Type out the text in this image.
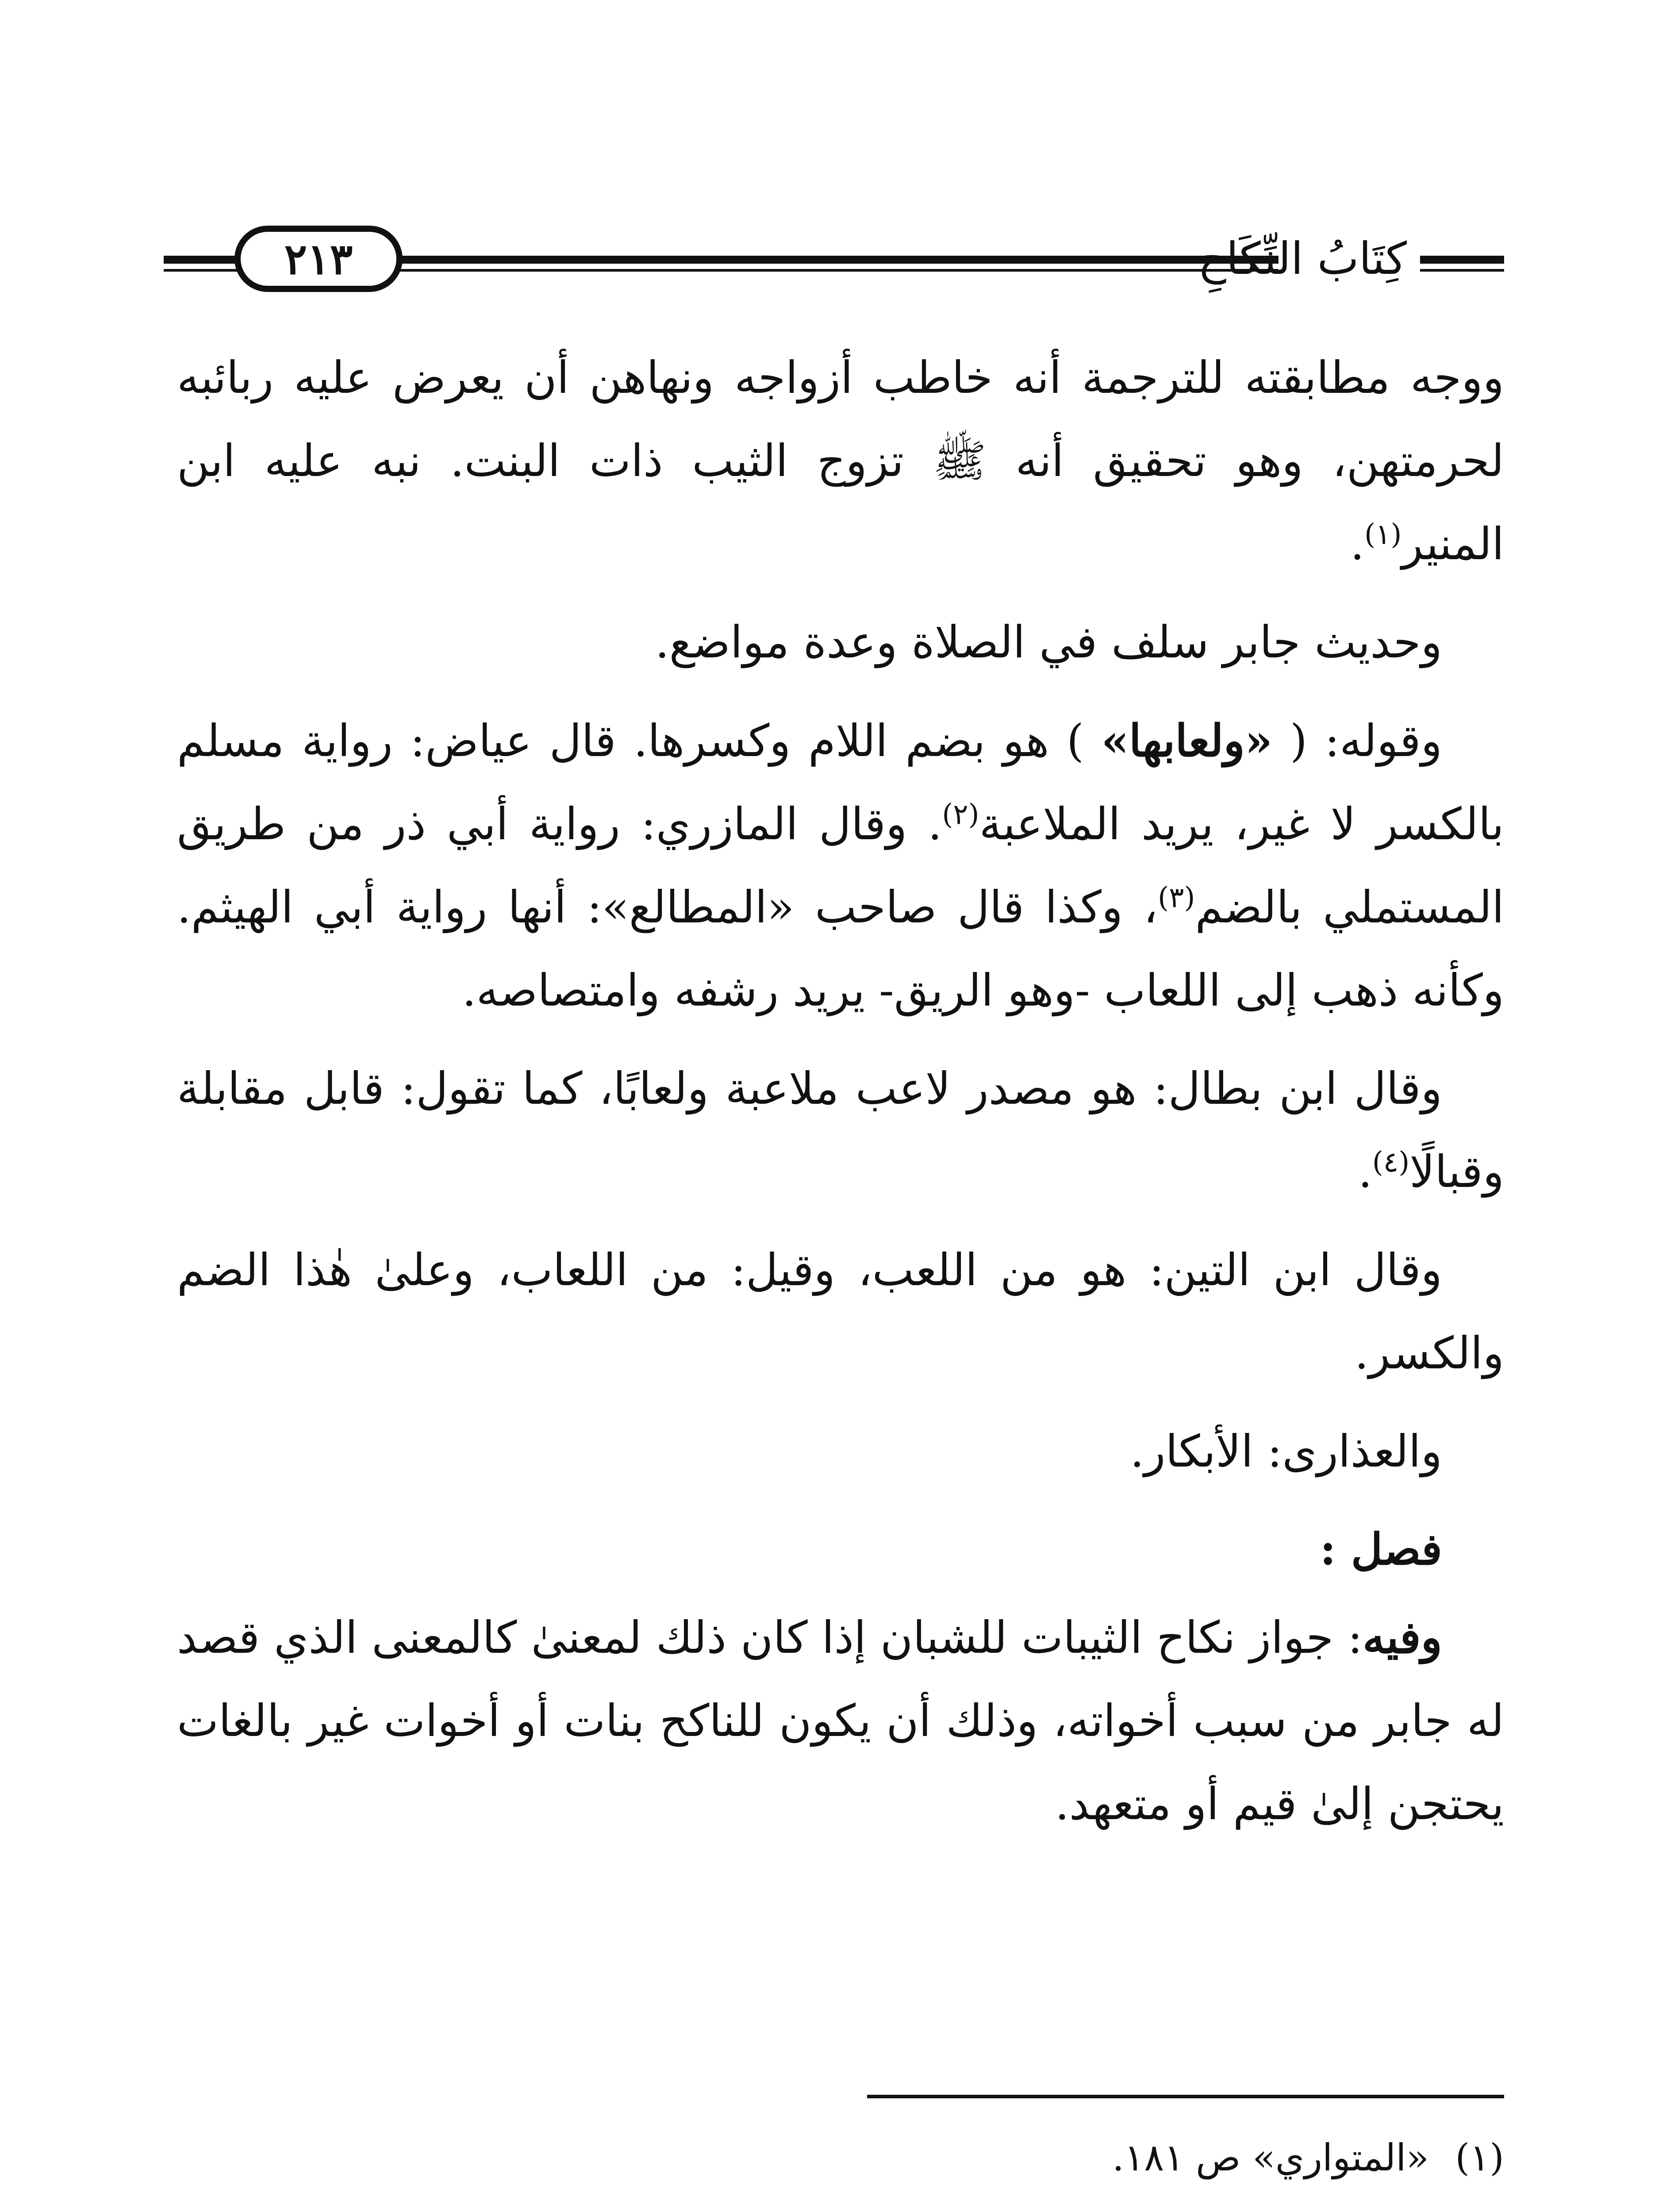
٢١٣	كِتَابُ النِّكَاحِ

ووجه مطابقته للترجمة أنه خاطب أزواجه ونهاهن أن يعرض عليه ربائبه لحرمتهن، وهو تحقيق أنه ﷺ تزوج الثيب ذات البنت. نبه عليه ابن المنير$^{(١)}$.

وحديث جابر سلف في الصلاة وعدة مواضع.

وقوله: ( «ولعابها» ) هو بضم اللام وكسرها. قال عياض: رواية مسلم بالكسر لا غير، يريد الملاعبة$^{(٢)}$. وقال المازري: رواية أبي ذر من طريق المستملي بالضم$^{(٣)}$، وكذا قال صاحب «المطالع»: أنها رواية أبي الهيثم. وكأنه ذهب إلى اللعاب -وهو الريق- يريد رشفه وامتصاصه.

وقال ابن بطال: هو مصدر لاعب ملاعبة ولعابًا، كما تقول: قابل مقابلة وقبالًا$^{(٤)}$.

وقال ابن التين: هو من اللعب، وقيل: من اللعاب، وعلىٰ هٰذا الضم والكسر.

والعذارى: الأبكار.

فصل :

وفيه: جواز نكاح الثيبات للشبان إذا كان ذلك لمعنىٰ كالمعنى الذي قصد له جابر من سبب أخواته، وذلك أن يكون للناكح بنات أو أخوات غير بالغات يحتجن إلىٰ قيم أو متعهد.

(١)«المتواري» ص ١٨١.
